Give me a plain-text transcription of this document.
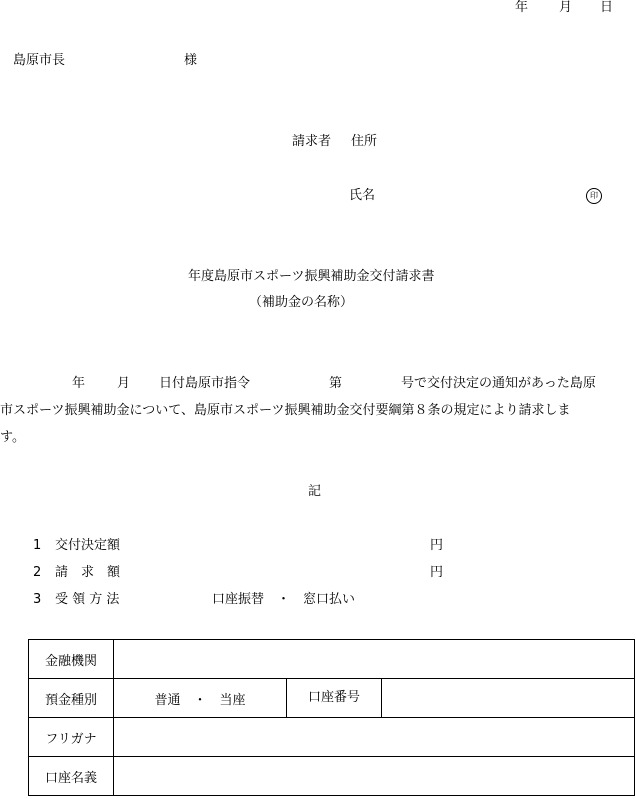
年 月 日
島原市長	様
請求者 住所
氏名	印
年度島原市スポーツ振興補助金交付請求書
（補助金の名称）
年 月 日付島原市指令	第	号で交付決定の通知があった島原
市スポーツ振興補助金について、島原市スポーツ振興補助金交付要綱第８条の規定により請求しま
す。
記
1 交付決定額	円
2 請　求　額	円
3 受 領 方 法	口座振替　・　窓口払い
金融機関	
預金種別	普通　・　当座 口座番号

フリガナ	
口座名義	
